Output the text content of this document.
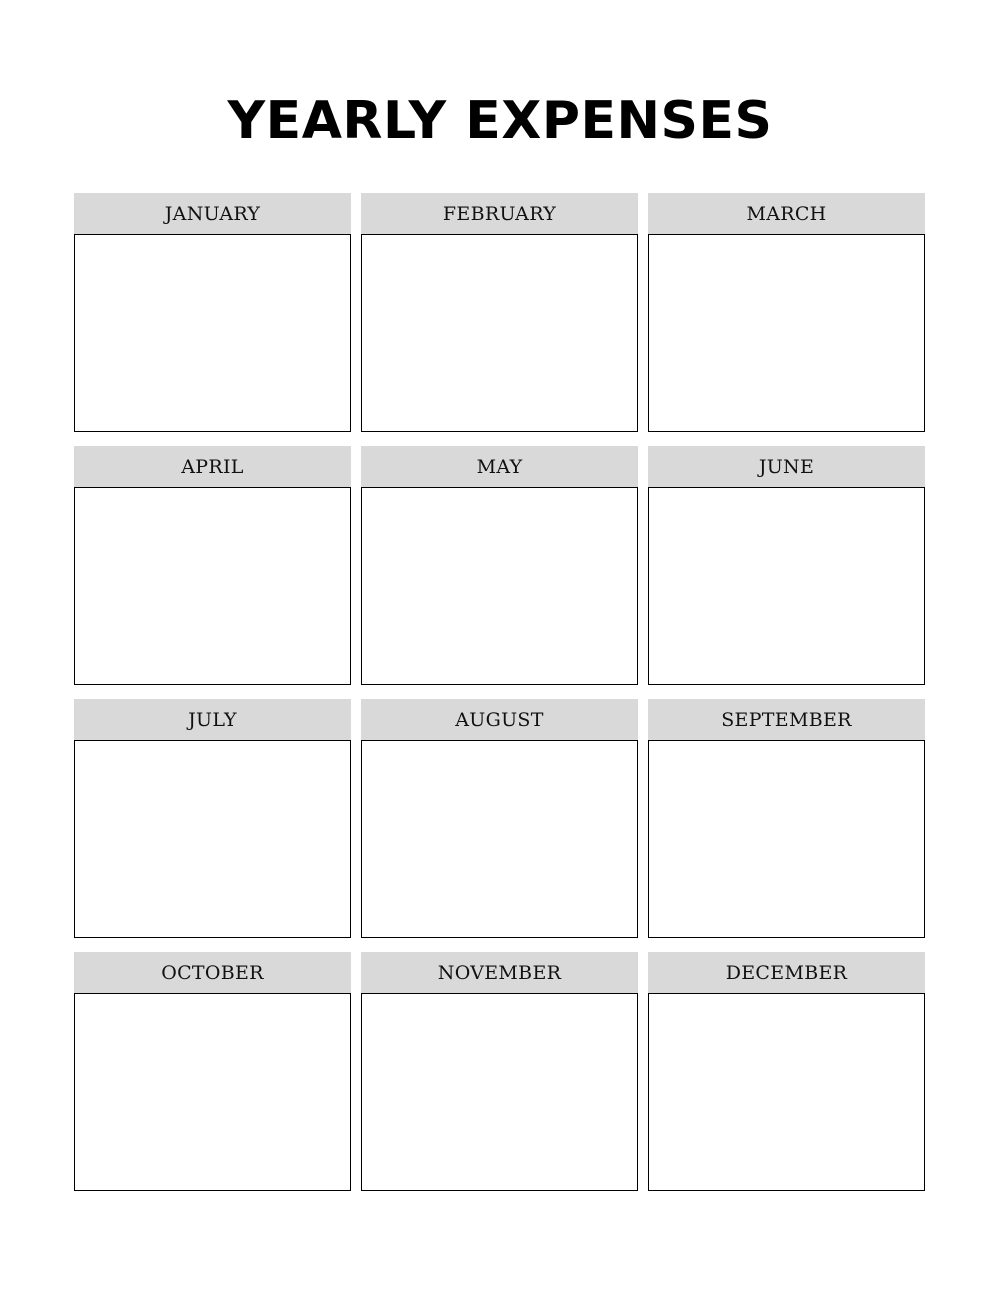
YEARLY EXPENSES
JANUARY	FEBRUARY	MARCH
APRIL	MAY	JUNE
JULY	AUGUST	SEPTEMBER
OCTOBER	NOVEMBER	DECEMBER
